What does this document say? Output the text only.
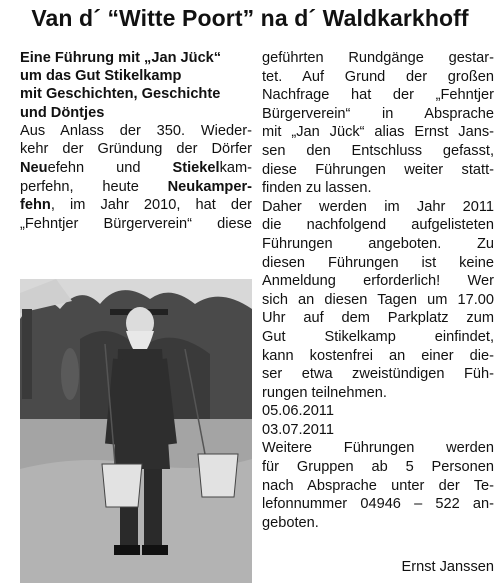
Van d´ “Witte Poort” na d´ Waldkarkhoff
Eine Führung mit „Jan Jück“
um das Gut Stikelkamp
mit Geschichten, Geschichte
und Döntjes
Aus Anlass der 350. Wieder-
kehr der Gründung der Dörfer
Neuefehn und Stiekelkam-
perfehn, heute Neukamper-
fehn, im Jahr 2010, hat der
„Fehntjer Bürgerverein“ diese
geführten Rundgänge gestar-
tet. Auf Grund der großen
Nachfrage hat der „Fehntjer
Bürgerverein“ in Absprache
mit „Jan Jück“ alias Ernst Jans-
sen den Entschluss gefasst,
diese Führungen weiter statt-
finden zu lassen.
Daher werden im Jahr 2011
die nachfolgend aufgelisteten
Führungen angeboten. Zu
diesen Führungen ist keine
Anmeldung erforderlich! Wer
sich an diesen Tagen um 17.00
Uhr auf dem Parkplatz zum
Gut Stikelkamp einfindet,
kann kostenfrei an einer die-
ser etwa zweistündigen Füh-
rungen teilnehmen.
05.06.2011
03.07.2011
Weitere Führungen werden
für Gruppen ab 5 Personen
nach Absprache unter der Te-
lefonnummer 04946 – 522 an-
geboten.
Ernst Janssen
